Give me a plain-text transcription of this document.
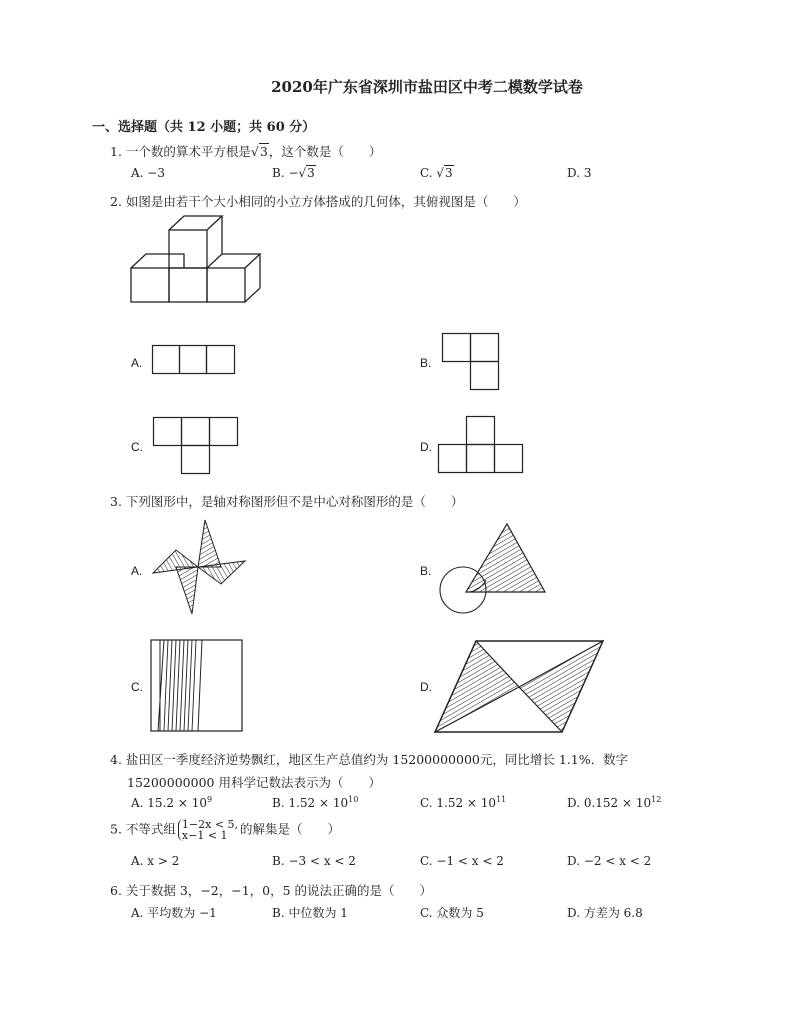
2020年广东省深圳市盐田区中考二模数学试卷
一、选择题（共 12 小题；共 60 分）
1. 一个数的算术平方根是√3，这个数是（　　）
A. −3	B. −√3	C. √3	D. 3
2. 如图是由若干个大小相同的小立方体搭成的几何体，其俯视图是（　　）
A.	B.
C.	D.
3. 下列图形中，是轴对称图形但不是中心对称图形的是（　　）
A.	B.
C.	D.
4. 盐田区一季度经济逆势飘红，地区生产总值约为 15200000000元，同比增长 1.1%．数字
15200000000 用科学记数法表示为（　　）
A. $15.2 \times 10^9$	B. $1.52 \times 10^{10}$	C. $1.52 \times 10^{11}$	D. $0.152 \times 10^{12}$
5. 不等式组 1−2x < 5,
x−1 < 1 的解集是（　　）
A. x > 2	B. −3 < x < 2	C. −1 < x < 2	D. −2 < x < 2
6. 关于数据 3，−2，−1，0，5 的说法正确的是（　　）
A. 平均数为 −1	B. 中位数为 1	C. 众数为 5	D. 方差为 6.8
